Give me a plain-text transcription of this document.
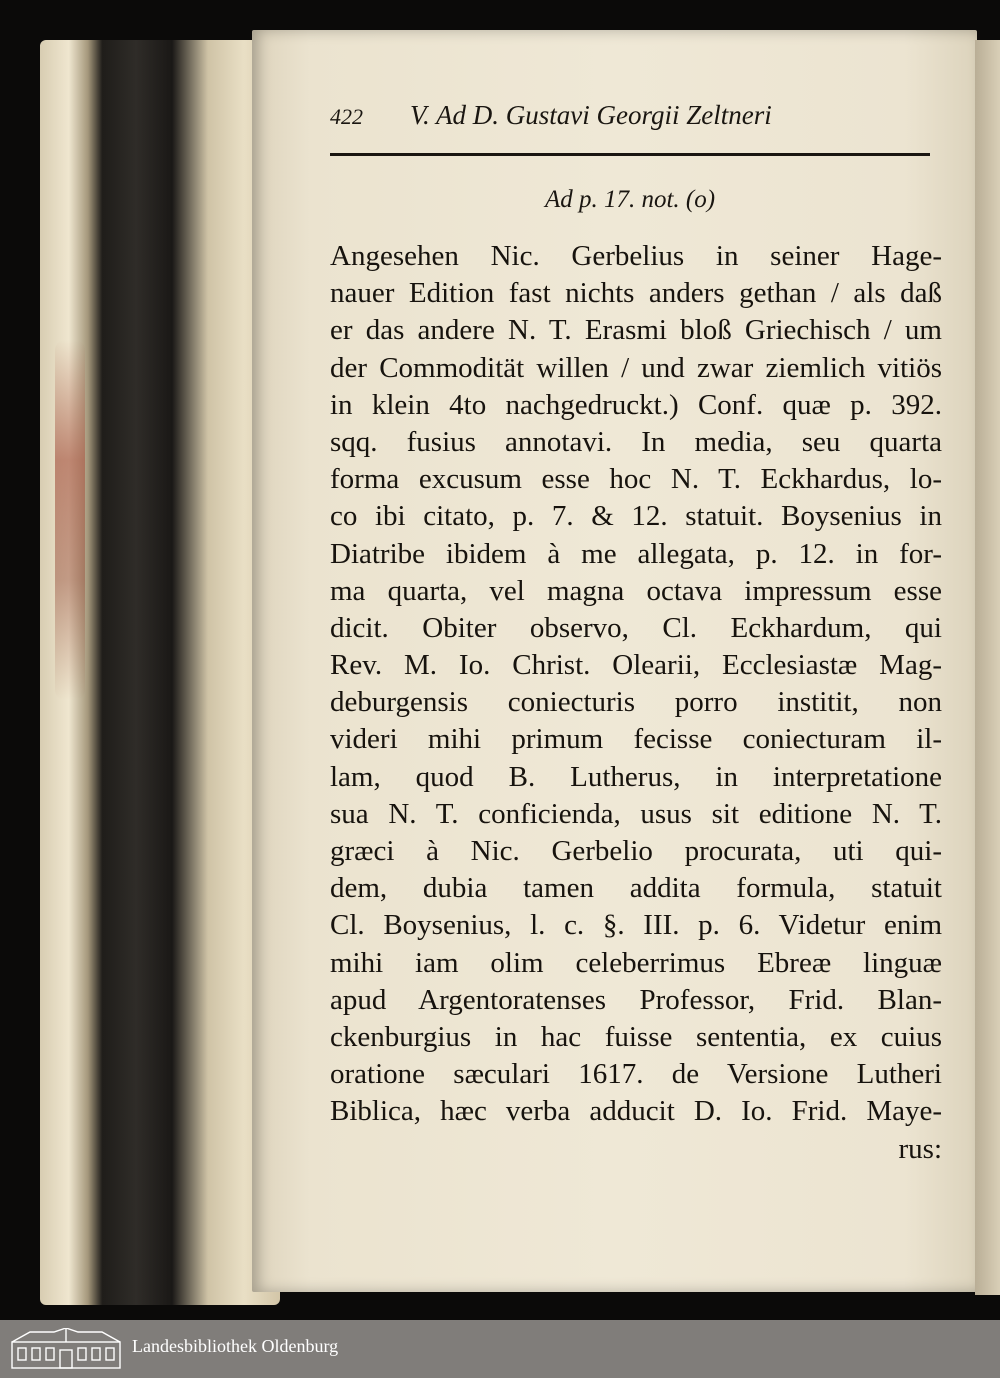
422 V. Ad D. Gustavi Georgii Zeltneri
Ad p. 17. not. (o)
Angesehen Nic. Gerbelius in seiner Hage-
nauer Edition fast nichts anders gethan / als daß
er das andere N. T. Erasmi bloß Griechisch / um
der Commodität willen / und zwar ziemlich vitiös
in klein 4to nachgedruckt.) Conf. quæ p. 392.
sqq. fusius annotavi. In media, seu quarta
forma excusum esse hoc N. T. Eckhardus, lo-
co ibi citato, p. 7. & 12. statuit. Boysenius in
Diatribe ibidem à me allegata, p. 12. in for-
ma quarta, vel magna octava impressum esse
dicit. Obiter observo, Cl. Eckhardum, qui
Rev. M. Io. Christ. Olearii, Ecclesiastæ Mag-
deburgensis coniecturis porro institit, non
videri mihi primum fecisse coniecturam il-
lam, quod B. Lutherus, in interpretatione
sua N. T. conficienda, usus sit editione N. T.
græci à Nic. Gerbelio procurata, uti qui-
dem, dubia tamen addita formula, statuit
Cl. Boysenius, l. c. §. III. p. 6. Videtur enim
mihi iam olim celeberrimus Ebreæ linguæ
apud Argentoratenses Professor, Frid. Blan-
ckenburgius in hac fuisse sententia, ex cuius
oratione sæculari 1617. de Versione Lutheri
Biblica, hæc verba adducit D. Io. Frid. Maye-
rus:
Landesbibliothek Oldenburg
